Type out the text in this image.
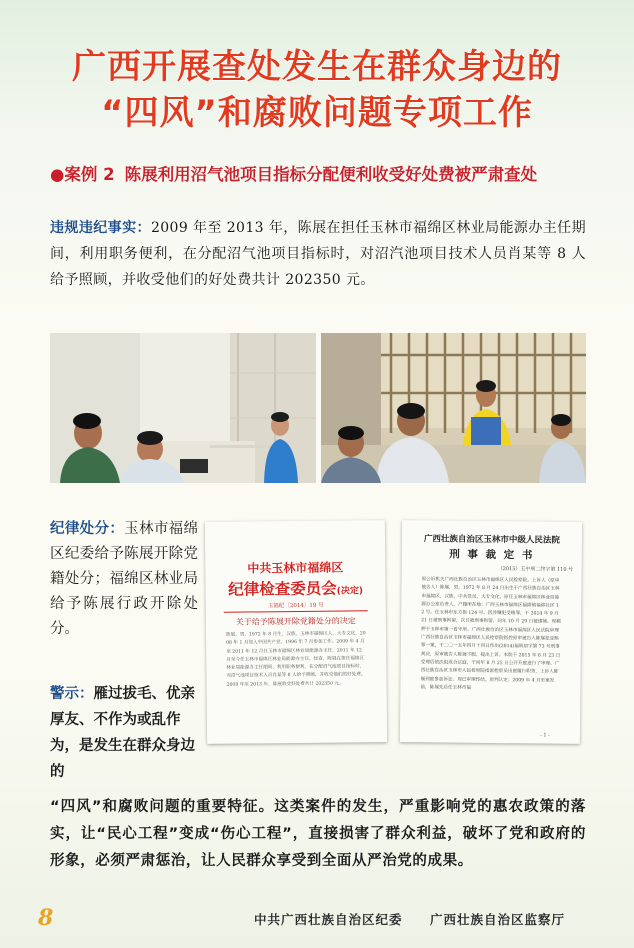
广西开展查处发生在群众身边的
“四风”和腐败问题专项工作
●案例 2 陈展利用沼气池项目指标分配便利收受好处费被严肃查处
违规违纪事实：2009 年至 2013 年，陈展在担任玉林市福绵区林业局能源办主任期间，利用职务便利，在分配沼气池项目指标时，对沼汽池项目技术人员肖某等 8 人给予照顾，并收受他们的好处费共计 202350 元。
纪律处分：玉林市福绵区纪委给予陈展开除党籍处分；福绵区林业局给予陈展行政开除处分。
警示：雁过拔毛、优亲厚友、不作为或乱作为，是发生在群众身边的
“四风”和腐败问题的重要特征。这类案件的发生，严重影响党的惠农政策的落实，让“民心工程”变成“伤心工程”，直接损害了群众利益，破坏了党和政府的形象，必须严肃惩治，让人民群众享受到全面从严治党的成果。
中共玉林市福绵区
纪律检查委员会(决定)
玉福纪〔2014〕19 号
关于给予陈展开除党籍处分的决定
陈展，男，1972 年 8 月生，汉族，玉林市福绵区人，大专文化，2008 年 1 月加入中国共产党，1996 年 7 月参加工作。2009 年 4 月至 2011 年 12 月任玉林市福绵区林业局能源办主任，2011 年 12 月至今任玉林市福绵区林业局能源办主任。经查，陈展在担任福绵区林业局能源办主任期间，利用职务便利，在分配沼气池项目指标时，对沼气池项目技术人员肖某等 8 人给予照顾，并收受他们的好处费。2009 年至 2013 年，陈展收受好处费共计 202350 元。
广西壮族自治区玉林市中级人民法院
刑 事 裁 定 书
（2015）玉中刑二终字第 110 号
原公诉机关广西壮族自治区玉林市福绵区人民检察院。上诉人（原审被告人）陈展，男，1972 年 8 月 24 日出生于广西壮族自治区玉林市福绵区，汉族，中共党员，大专文化，原任玉林市福绵区林业局能源办公室负责人，户籍所在地：广西玉林市福绵区福绵镇福绵社区 12 号。住玉林市东方街 124 号。因涉嫌犯受贿罪，于 2014 年 9 月 21 日被刑事拘留，次日被刑事拘留，同年 10 月 29 日被逮捕。现羁押于玉林市第一看守所。广西壮族自治区玉林市福绵区人民法院审理广西壮族自治区玉林市福绵区人民检察院指控原审被告人陈展犯受贿罪一案，于二〇一五年四月十四日作出(2014)福刑初字第 73 号刑事判决，原审被告人陈展不服，提出上诉。本院于 2015 年 6 月 23 日受理后依法组成合议庭，于同年 8 月 25 日公开开庭进行了审理。广西壮族自治区玉林市人民检察院指派检察员出庭履行职务，上诉人陈展到庭参加诉讼。现已审理终结。原判认定：2009 年 4 月至案发前，陈展先后任玉林市福
- 1 -
8	中共广西壮族自治区纪委 广西壮族自治区监察厅
